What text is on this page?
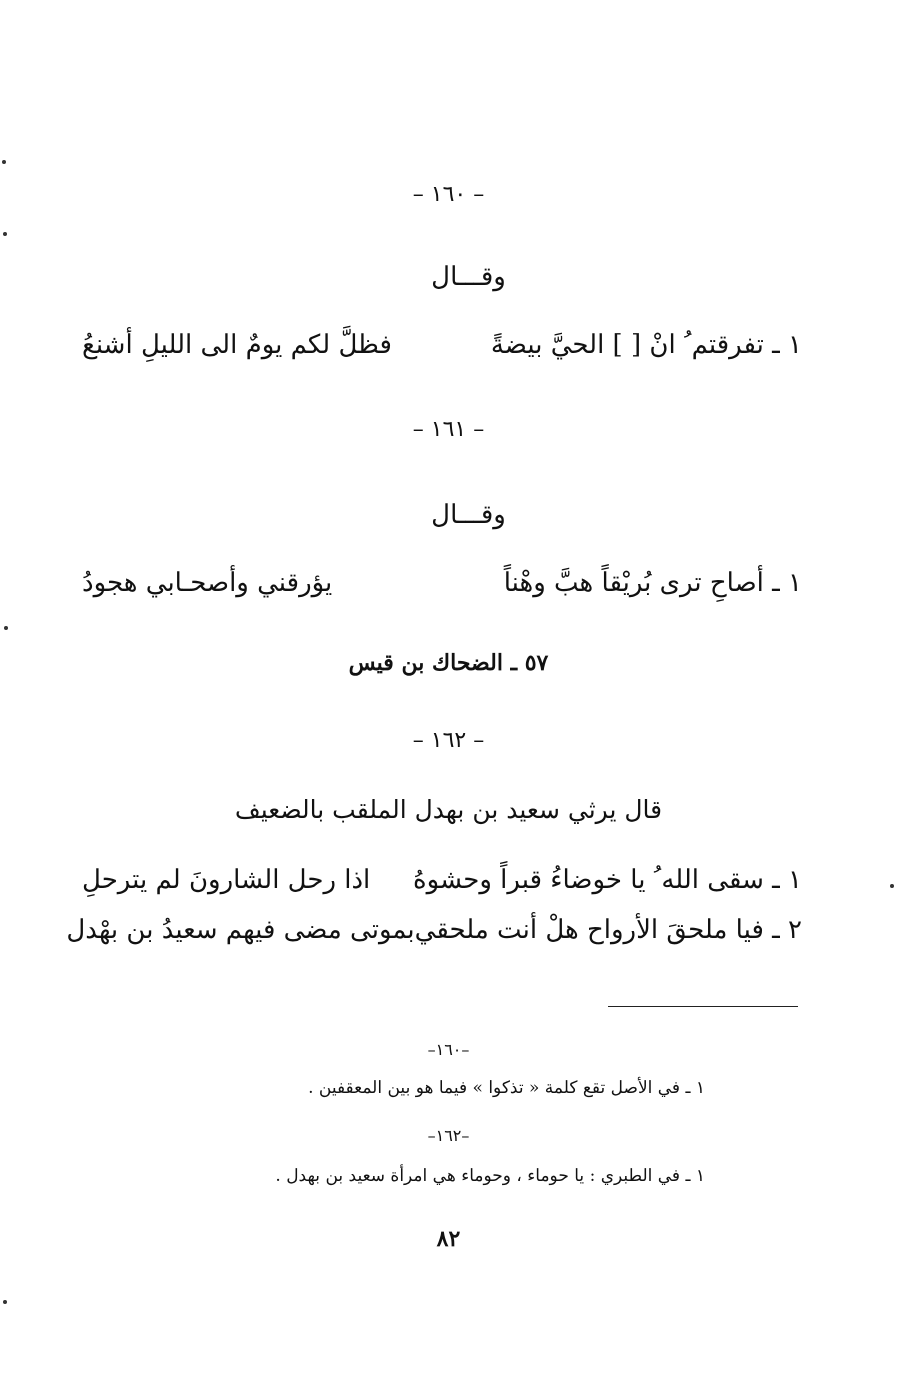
– ١٦٠ –
وقـــال
١ ـ تفرقتم ُ انْ [ ] الحيَّ بيضةً
فظلَّ لكم يومٌ الى الليلِ أشنعُ
– ١٦١ –
وقـــال
١ ـ أصاحِ ترى بُريْقاً هبَّ وهْناً
يؤرقني وأصحـابي هجودُ
٥٧ ـ الضحاك بن قيس
– ١٦٢ –
قال يرثي سعيد بن بهدل الملقب بالضعيف
١ ـ سقى الله ُ يا خوضاءُ قبراً وحشوهُ
اذا رحل الشارونَ لم يترحلِ
٢ ـ فيا ملحقَ الأرواح هلْ أنت ملحقي
بموتى مضى فيهم سعيدُ بن بهْدل
–١٦٠–
١ ـ في الأصل تقع كلمة « تذكوا » فيما هو بين المعقفين .
–١٦٢–
١ ـ في الطبري : يا حوماء ، وحوماء هي امرأة سعيد بن بهدل .
٨٢
